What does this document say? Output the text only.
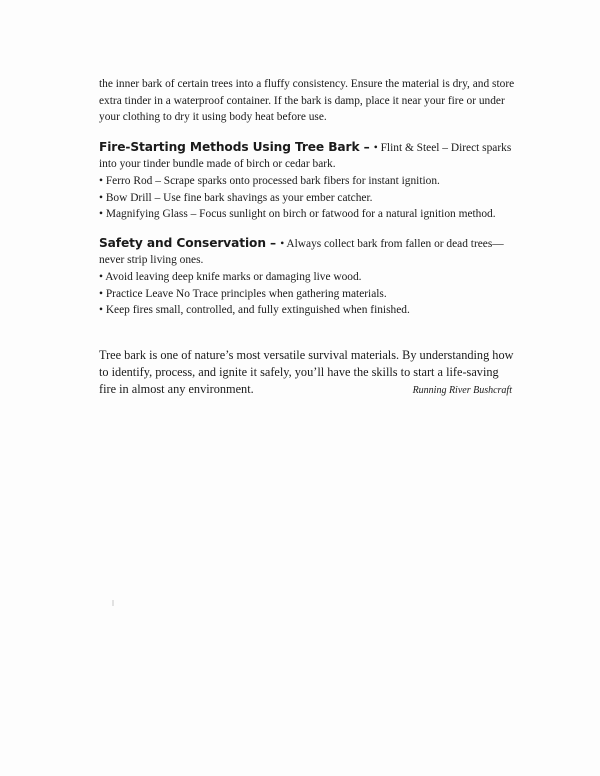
the inner bark of certain trees into a fluffy consistency. Ensure the material is dry, and store extra tinder in a waterproof container. If the bark is damp, place it near your fire or under your clothing to dry it using body heat before use.

Fire-Starting Methods Using Tree Bark – • Flint & Steel – Direct sparks into your tinder bundle made of birch or cedar bark.
• Ferro Rod – Scrape sparks onto processed bark fibers for instant ignition.
• Bow Drill – Use fine bark shavings as your ember catcher.
• Magnifying Glass – Focus sunlight on birch or fatwood for a natural ignition method.
Safety and Conservation – • Always collect bark from fallen or dead trees—never strip living ones.
• Avoid leaving deep knife marks or damaging live wood.
• Practice Leave No Trace principles when gathering materials.
• Keep fires small, controlled, and fully extinguished when finished.

Tree bark is one of nature’s most versatile survival materials. By understanding how to identify, process, and ignite it safely, you’ll have the skills to start a life-saving fire in almost any environment.	Running River Bushcraft
